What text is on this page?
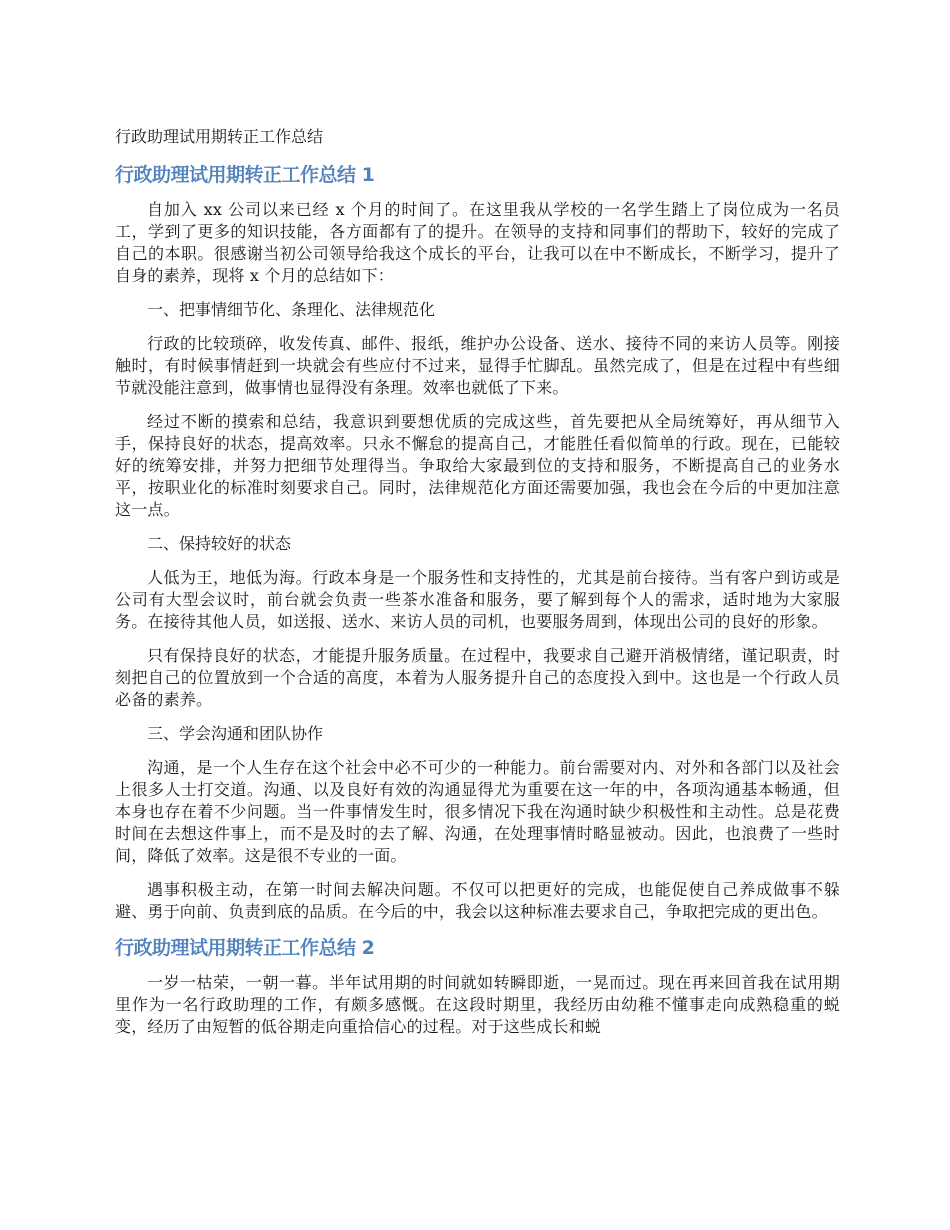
行政助理试用期转正工作总结
行政助理试用期转正工作总结 1
自加入 xx 公司以来已经 x 个月的时间了。在这里我从学校的一名学生踏上了岗位成为一名员工，学到了更多的知识技能，各方面都有了的提升。在领导的支持和同事们的帮助下，较好的完成了自己的本职。很感谢当初公司领导给我这个成长的平台，让我可以在中不断成长，不断学习，提升了自身的素养，现将 x 个月的总结如下：
一、把事情细节化、条理化、法律规范化
行政的比较琐碎，收发传真、邮件、报纸，维护办公设备、送水、接待不同的来访人员等。刚接触时，有时候事情赶到一块就会有些应付不过来，显得手忙脚乱。虽然完成了，但是在过程中有些细节就没能注意到，做事情也显得没有条理。效率也就低了下来。
经过不断的摸索和总结，我意识到要想优质的完成这些，首先要把从全局统筹好，再从细节入手，保持良好的状态，提高效率。只永不懈怠的提高自己，才能胜任看似简单的行政。现在，已能较好的统筹安排，并努力把细节处理得当。争取给大家最到位的支持和服务，不断提高自己的业务水平，按职业化的标准时刻要求自己。同时，法律规范化方面还需要加强，我也会在今后的中更加注意这一点。
二、保持较好的状态
人低为王，地低为海。行政本身是一个服务性和支持性的，尤其是前台接待。当有客户到访或是公司有大型会议时，前台就会负责一些茶水准备和服务，要了解到每个人的需求，适时地为大家服务。在接待其他人员，如送报、送水、来访人员的司机，也要服务周到，体现出公司的良好的形象。
只有保持良好的状态，才能提升服务质量。在过程中，我要求自己避开消极情绪，谨记职责，时刻把自己的位置放到一个合适的高度，本着为人服务提升自己的态度投入到中。这也是一个行政人员必备的素养。
三、学会沟通和团队协作
沟通，是一个人生存在这个社会中必不可少的一种能力。前台需要对内、对外和各部门以及社会上很多人士打交道。沟通、以及良好有效的沟通显得尤为重要在这一年的中，各项沟通基本畅通，但本身也存在着不少问题。当一件事情发生时，很多情况下我在沟通时缺少积极性和主动性。总是花费时间在去想这件事上，而不是及时的去了解、沟通，在处理事情时略显被动。因此，也浪费了一些时间，降低了效率。这是很不专业的一面。
遇事积极主动，在第一时间去解决问题。不仅可以把更好的完成，也能促使自己养成做事不躲避、勇于向前、负责到底的品质。在今后的中，我会以这种标准去要求自己，争取把完成的更出色。
行政助理试用期转正工作总结 2
一岁一枯荣，一朝一暮。半年试用期的时间就如转瞬即逝，一晃而过。现在再来回首我在试用期里作为一名行政助理的工作，有颇多感慨。在这段时期里，我经历由幼稚不懂事走向成熟稳重的蜕变，经历了由短暂的低谷期走向重拾信心的过程。对于这些成长和蜕
